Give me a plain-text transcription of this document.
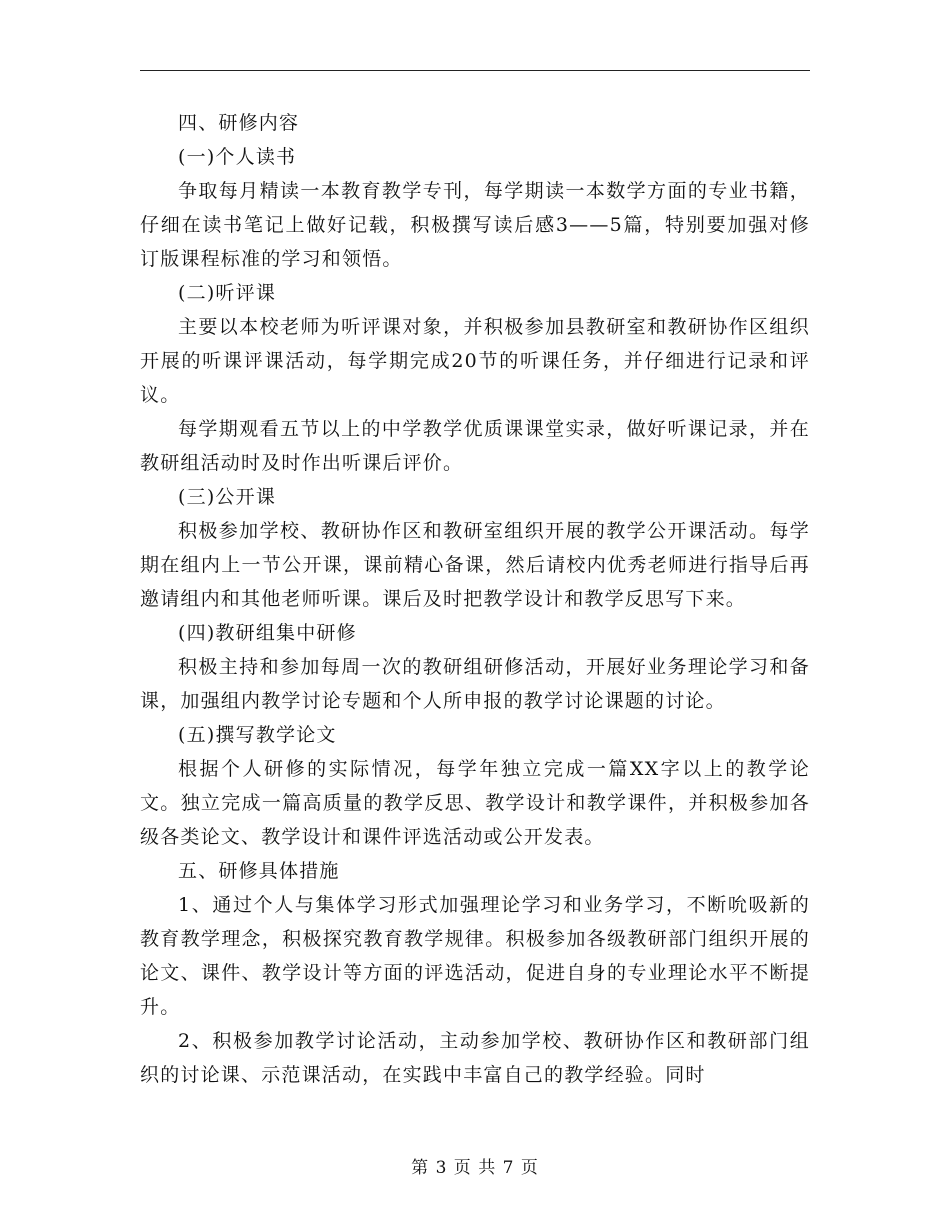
四、研修内容

(一)个人读书

争取每月精读一本教育教学专刊，每学期读一本数学方面的专业书籍，仔细在读书笔记上做好记载，积极撰写读后感3——5篇，特别要加强对修订版课程标准的学习和领悟。

(二)听评课

主要以本校老师为听评课对象，并积极参加县教研室和教研协作区组织开展的听课评课活动，每学期完成20节的听课任务，并仔细进行记录和评议。

每学期观看五节以上的中学教学优质课课堂实录，做好听课记录，并在教研组活动时及时作出听课后评价。

(三)公开课

积极参加学校、教研协作区和教研室组织开展的教学公开课活动。每学期在组内上一节公开课，课前精心备课，然后请校内优秀老师进行指导后再邀请组内和其他老师听课。课后及时把教学设计和教学反思写下来。

(四)教研组集中研修

积极主持和参加每周一次的教研组研修活动，开展好业务理论学习和备课，加强组内教学讨论专题和个人所申报的教学讨论课题的讨论。

(五)撰写教学论文

根据个人研修的实际情况，每学年独立完成一篇XX字以上的教学论文。独立完成一篇高质量的教学反思、教学设计和教学课件，并积极参加各级各类论文、教学设计和课件评选活动或公开发表。

五、研修具体措施

1、通过个人与集体学习形式加强理论学习和业务学习，不断吮吸新的教育教学理念，积极探究教育教学规律。积极参加各级教研部门组织开展的论文、课件、教学设计等方面的评选活动，促进自身的专业理论水平不断提升。

2、积极参加教学讨论活动，主动参加学校、教研协作区和教研部门组织的讨论课、示范课活动，在实践中丰富自己的教学经验。同时

第 3 页 共 7 页
